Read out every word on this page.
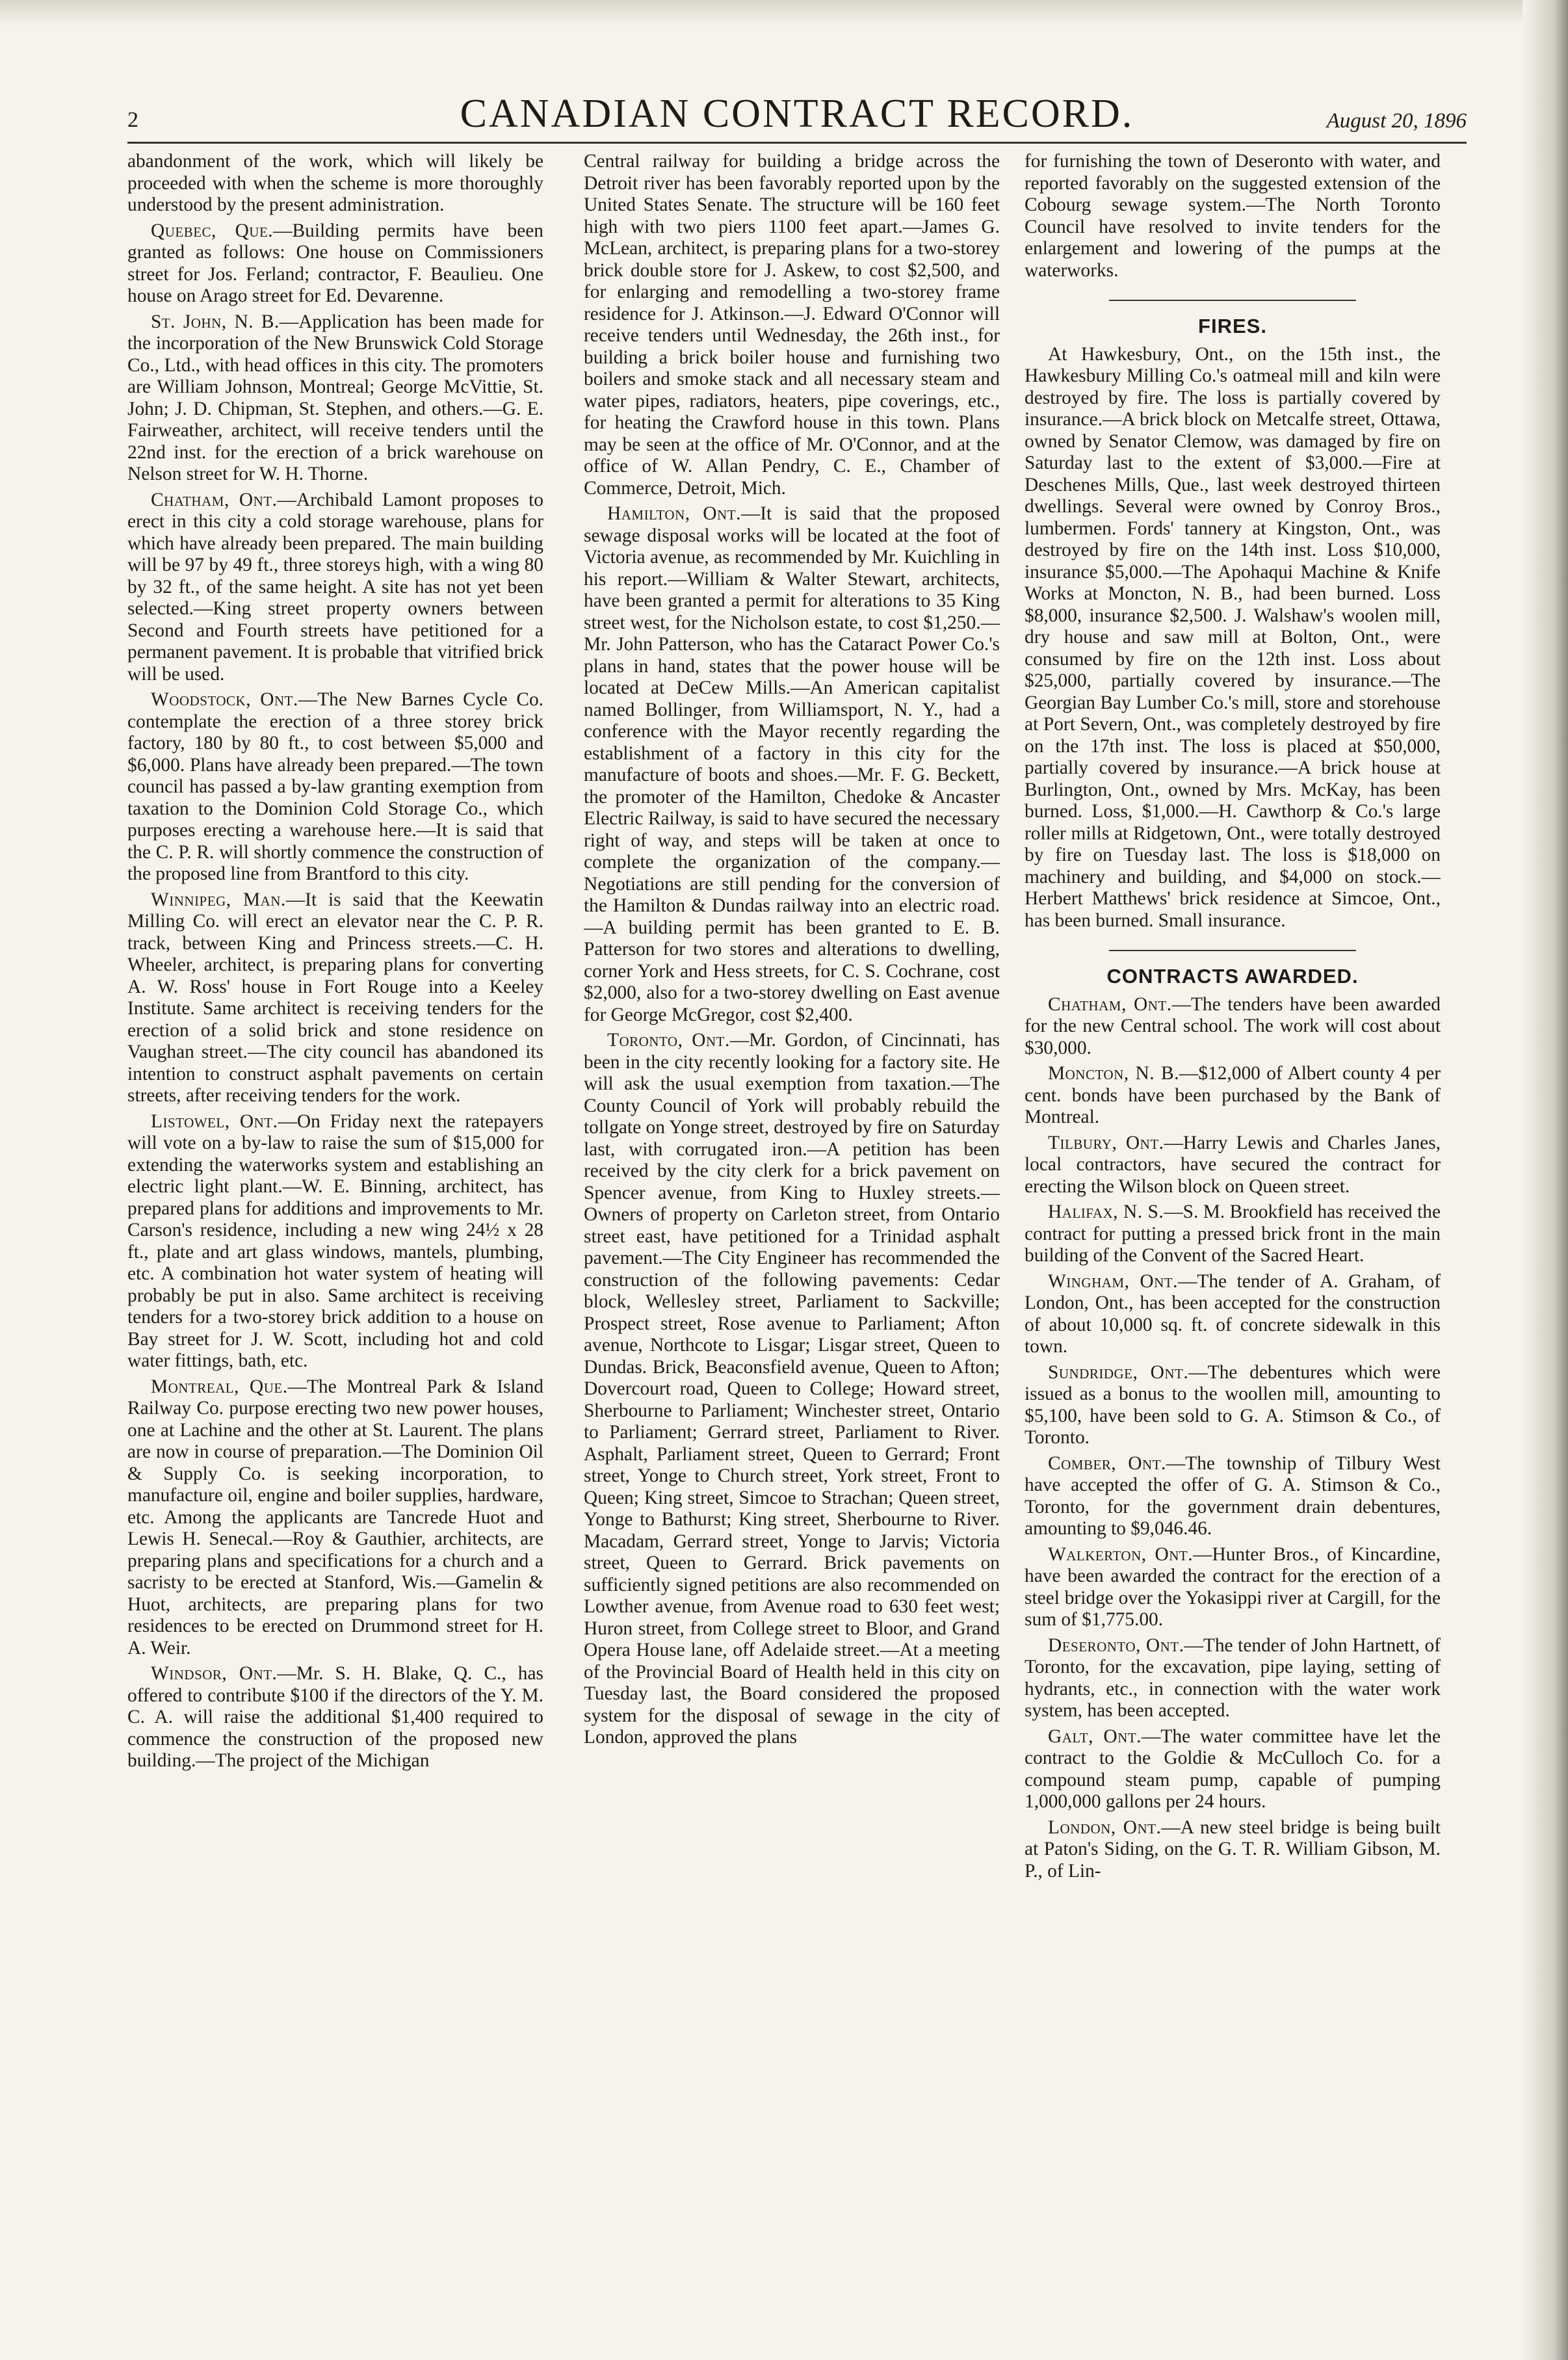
2	CANADIAN CONTRACT RECORD.	August 20, 1896

abandonment of the work, which will likely be proceeded with when the scheme is more thoroughly understood by the present administration.

Quebec, Que.—Building permits have been granted as follows: One house on Commissioners street for Jos. Ferland; contractor, F. Beaulieu. One house on Arago street for Ed. Devarenne.

St. John, N. B.—Application has been made for the incorporation of the New Brunswick Cold Storage Co., Ltd., with head offices in this city. The promoters are William Johnson, Montreal; George McVittie, St. John; J. D. Chipman, St. Stephen, and others.—G. E. Fairweather, architect, will receive tenders until the 22nd inst. for the erection of a brick warehouse on Nelson street for W. H. Thorne.

Chatham, Ont.—Archibald Lamont proposes to erect in this city a cold storage warehouse, plans for which have already been prepared. The main building will be 97 by 49 ft., three storeys high, with a wing 80 by 32 ft., of the same height. A site has not yet been selected.—King street property owners between Second and Fourth streets have petitioned for a permanent pavement. It is probable that vitrified brick will be used.

Woodstock, Ont.—The New Barnes Cycle Co. contemplate the erection of a three storey brick factory, 180 by 80 ft., to cost between $5,000 and $6,000. Plans have already been prepared.—The town council has passed a by-law granting exemption from taxation to the Dominion Cold Storage Co., which purposes erecting a warehouse here.—It is said that the C. P. R. will shortly commence the construction of the proposed line from Brantford to this city.

Winnipeg, Man.—It is said that the Keewatin Milling Co. will erect an elevator near the C. P. R. track, between King and Princess streets.—C. H. Wheeler, architect, is preparing plans for converting A. W. Ross' house in Fort Rouge into a Keeley Institute. Same architect is receiving tenders for the erection of a solid brick and stone residence on Vaughan street.—The city council has abandoned its intention to construct asphalt pavements on certain streets, after receiving tenders for the work.

Listowel, Ont.—On Friday next the ratepayers will vote on a by-law to raise the sum of $15,000 for extending the waterworks system and establishing an electric light plant.—W. E. Binning, architect, has prepared plans for additions and improvements to Mr. Carson's residence, including a new wing 24½ x 28 ft., plate and art glass windows, mantels, plumbing, etc. A combination hot water system of heating will probably be put in also. Same architect is receiving tenders for a two-storey brick addition to a house on Bay street for J. W. Scott, including hot and cold water fittings, bath, etc.

Montreal, Que.—The Montreal Park & Island Railway Co. purpose erecting two new power houses, one at Lachine and the other at St. Laurent. The plans are now in course of preparation.—The Dominion Oil & Supply Co. is seeking incorporation, to manufacture oil, engine and boiler supplies, hardware, etc. Among the applicants are Tancrede Huot and Lewis H. Senecal.—Roy & Gauthier, architects, are preparing plans and specifications for a church and a sacristy to be erected at Stanford, Wis.—Gamelin & Huot, architects, are preparing plans for two residences to be erected on Drummond street for H. A. Weir.

Windsor, Ont.—Mr. S. H. Blake, Q. C., has offered to contribute $100 if the directors of the Y. M. C. A. will raise the additional $1,400 required to commence the construction of the proposed new building.—The project of the Michigan

Central railway for building a bridge across the Detroit river has been favorably reported upon by the United States Senate. The structure will be 160 feet high with two piers 1100 feet apart.—James G. McLean, architect, is preparing plans for a two-storey brick double store for J. Askew, to cost $2,500, and for enlarging and remodelling a two-storey frame residence for J. Atkinson.—J. Edward O'Connor will receive tenders until Wednesday, the 26th inst., for building a brick boiler house and furnishing two boilers and smoke stack and all necessary steam and water pipes, radiators, heaters, pipe coverings, etc., for heating the Crawford house in this town. Plans may be seen at the office of Mr. O'Connor, and at the office of W. Allan Pendry, C. E., Chamber of Commerce, Detroit, Mich.

Hamilton, Ont.—It is said that the proposed sewage disposal works will be located at the foot of Victoria avenue, as recommended by Mr. Kuichling in his report.—William & Walter Stewart, architects, have been granted a permit for alterations to 35 King street west, for the Nicholson estate, to cost $1,250.—Mr. John Patterson, who has the Cataract Power Co.'s plans in hand, states that the power house will be located at DeCew Mills.—An American capitalist named Bollinger, from Williamsport, N. Y., had a conference with the Mayor recently regarding the establishment of a factory in this city for the manufacture of boots and shoes.—Mr. F. G. Beckett, the promoter of the Hamilton, Chedoke & Ancaster Electric Railway, is said to have secured the necessary right of way, and steps will be taken at once to complete the organization of the company.—Negotiations are still pending for the conversion of the Hamilton & Dundas railway into an electric road.—A building permit has been granted to E. B. Patterson for two stores and alterations to dwelling, corner York and Hess streets, for C. S. Cochrane, cost $2,000, also for a two-storey dwelling on East avenue for George McGregor, cost $2,400.

Toronto, Ont.—Mr. Gordon, of Cincinnati, has been in the city recently looking for a factory site. He will ask the usual exemption from taxation.—The County Council of York will probably rebuild the tollgate on Yonge street, destroyed by fire on Saturday last, with corrugated iron.—A petition has been received by the city clerk for a brick pavement on Spencer avenue, from King to Huxley streets.—Owners of property on Carleton street, from Ontario street east, have petitioned for a Trinidad asphalt pavement.—The City Engineer has recommended the construction of the following pavements: Cedar block, Wellesley street, Parliament to Sackville; Prospect street, Rose avenue to Parliament; Afton avenue, Northcote to Lisgar; Lisgar street, Queen to Dundas. Brick, Beaconsfield avenue, Queen to Afton; Dovercourt road, Queen to College; Howard street, Sherbourne to Parliament; Winchester street, Ontario to Parliament; Gerrard street, Parliament to River. Asphalt, Parliament street, Queen to Gerrard; Front street, Yonge to Church street, York street, Front to Queen; King street, Simcoe to Strachan; Queen street, Yonge to Bathurst; King street, Sherbourne to River. Macadam, Gerrard street, Yonge to Jarvis; Victoria street, Queen to Gerrard. Brick pavements on sufficiently signed petitions are also recommended on Lowther avenue, from Avenue road to 630 feet west; Huron street, from College street to Bloor, and Grand Opera House lane, off Adelaide street.—At a meeting of the Provincial Board of Health held in this city on Tuesday last, the Board considered the proposed system for the disposal of sewage in the city of London, approved the plans

for furnishing the town of Deseronto with water, and reported favorably on the suggested extension of the Cobourg sewage system.—The North Toronto Council have resolved to invite tenders for the enlargement and lowering of the pumps at the waterworks.

FIRES.

At Hawkesbury, Ont., on the 15th inst., the Hawkesbury Milling Co.'s oatmeal mill and kiln were destroyed by fire. The loss is partially covered by insurance.—A brick block on Metcalfe street, Ottawa, owned by Senator Clemow, was damaged by fire on Saturday last to the extent of $3,000.—Fire at Deschenes Mills, Que., last week destroyed thirteen dwellings. Several were owned by Conroy Bros., lumbermen. Fords' tannery at Kingston, Ont., was destroyed by fire on the 14th inst. Loss $10,000, insurance $5,000.—The Apohaqui Machine & Knife Works at Moncton, N. B., had been burned. Loss $8,000, insurance $2,500. J. Walshaw's woolen mill, dry house and saw mill at Bolton, Ont., were consumed by fire on the 12th inst. Loss about $25,000, partially covered by insurance.—The Georgian Bay Lumber Co.'s mill, store and storehouse at Port Severn, Ont., was completely destroyed by fire on the 17th inst. The loss is placed at $50,000, partially covered by insurance.—A brick house at Burlington, Ont., owned by Mrs. McKay, has been burned. Loss, $1,000.—H. Cawthorp & Co.'s large roller mills at Ridgetown, Ont., were totally destroyed by fire on Tuesday last. The loss is $18,000 on machinery and building, and $4,000 on stock.—Herbert Matthews' brick residence at Simcoe, Ont., has been burned. Small insurance.

CONTRACTS AWARDED.

Chatham, Ont.—The tenders have been awarded for the new Central school. The work will cost about $30,000.

Moncton, N. B.—$12,000 of Albert county 4 per cent. bonds have been purchased by the Bank of Montreal.

Tilbury, Ont.—Harry Lewis and Charles Janes, local contractors, have secured the contract for erecting the Wilson block on Queen street.

Halifax, N. S.—S. M. Brookfield has received the contract for putting a pressed brick front in the main building of the Convent of the Sacred Heart.

Wingham, Ont.—The tender of A. Graham, of London, Ont., has been accepted for the construction of about 10,000 sq. ft. of concrete sidewalk in this town.

Sundridge, Ont.—The debentures which were issued as a bonus to the woollen mill, amounting to $5,100, have been sold to G. A. Stimson & Co., of Toronto.

Comber, Ont.—The township of Tilbury West have accepted the offer of G. A. Stimson & Co., Toronto, for the government drain debentures, amounting to $9,046.46.

Walkerton, Ont.—Hunter Bros., of Kincardine, have been awarded the contract for the erection of a steel bridge over the Yokasippi river at Cargill, for the sum of $1,775.00.

Deseronto, Ont.—The tender of John Hartnett, of Toronto, for the excavation, pipe laying, setting of hydrants, etc., in connection with the water work system, has been accepted.

Galt, Ont.—The water committee have let the contract to the Goldie & McCulloch Co. for a compound steam pump, capable of pumping 1,000,000 gallons per 24 hours.

London, Ont.—A new steel bridge is being built at Paton's Siding, on the G. T. R. William Gibson, M. P., of Lin-
